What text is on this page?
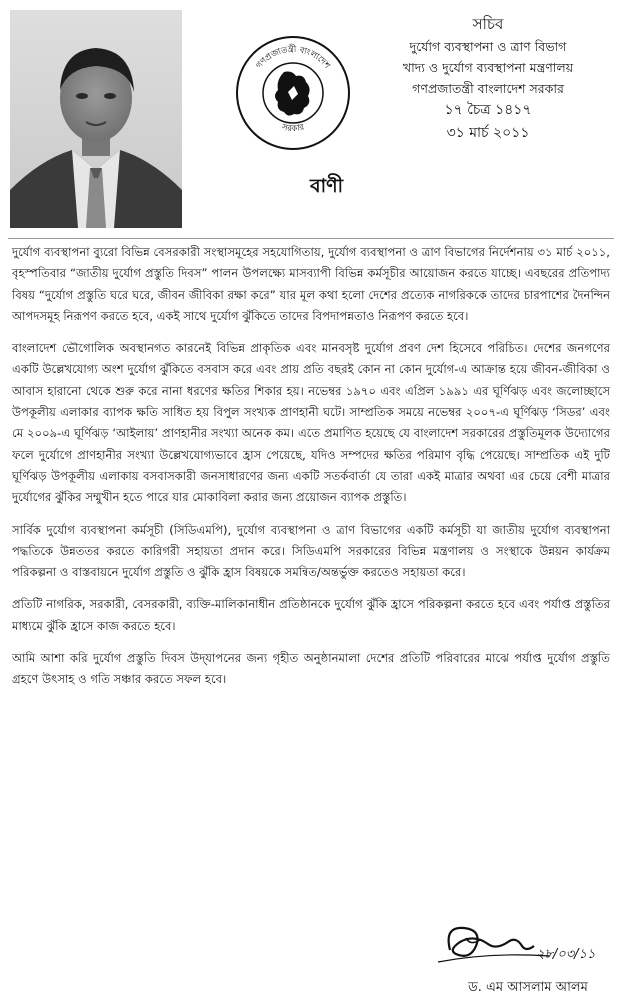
গণপ্রজাতন্ত্রী বাংলাদেশ
সরকার
সচিব
দুর্যোগ ব্যবস্থাপনা ও ত্রাণ বিভাগ
খাদ্য ও দুর্যোগ ব্যবস্থাপনা মন্ত্রণালয়
গণপ্রজাতন্ত্রী বাংলাদেশ সরকার
১৭ চৈত্র ১৪১৭
৩১ মার্চ ২০১১
বাণী

দুর্যোগ ব্যবস্থাপনা ব্যুরো বিভিন্ন বেসরকারী সংস্থাসমূহের সহযোগিতায়, দুর্যোগ ব্যবস্থাপনা ও ত্রাণ বিভাগের নির্দেশনায় ৩১ মার্চ ২০১১, বৃহস্পতিবার “জাতীয় দুর্যোগ প্রস্তুতি দিবস” পালন উপলক্ষ্যে মাসব্যাপী বিভিন্ন কর্মসূচীর আয়োজন করতে যাচ্ছে। এবছরের প্রতিপাদ্য বিষয় “দুর্যোগ প্রস্তুতি ঘরে ঘরে, জীবন জীবিকা রক্ষা করে” যার মূল কথা হলো দেশের প্রত্যেক নাগরিককে তাদের চারপাশের দৈনন্দিন আপদসমূহ নিরূপণ করতে হবে, একই সাথে দুর্যোগ ঝুঁকিতে তাদের বিপদাপন্নতাও নিরূপণ করতে হবে।

বাংলাদেশ ভৌগোলিক অবস্থানগত কারনেই বিভিন্ন প্রাকৃতিক এবং মানবসৃষ্ট দুর্যোগ প্রবণ দেশ হিসেবে পরিচিত। দেশের জনগণের একটি উল্লেখযোগ্য অংশ দুর্যোগ ঝুঁকিতে বসবাস করে এবং প্রায় প্রতি বছরই কোন না কোন দুর্যোগ-এ আক্রান্ত হয়ে জীবন-জীবিকা ও আবাস হারানো থেকে শুরু করে নানা ধরণের ক্ষতির শিকার হয়। নভেম্বর ১৯৭০ এবং এপ্রিল ১৯৯১ এর ঘূর্ণিঝড় এবং জলোচ্ছাসে উপকূলীয় এলাকার ব্যাপক ক্ষতি সাধিত হয় বিপুল সংখ্যক প্রাণহানী ঘটে। সাম্প্রতিক সময়ে নভেম্বর ২০০৭-এ ঘূর্ণিঝড় ‘সিডর’ এবং মে ২০০৯-এ ঘূর্ণিঝড় ‘আইলায়’ প্রাণহানীর সংখ্যা অনেক কম। এতে প্রমাণিত হয়েছে যে বাংলাদেশ সরকারের প্রস্তুতিমূলক উদ্যোগের ফলে দুর্যোগে প্রাণহানীর সংখ্যা উল্লেখযোগ্যভাবে হ্রাস পেয়েছে, যদিও সম্পদের ক্ষতির পরিমাণ বৃদ্ধি পেয়েছে। সাম্প্রতিক এই দুটি ঘূর্ণিঝড় উপকূলীয় এলাকায় বসবাসকারী জনসাধারণের জন্য একটি সতর্কবার্তা যে তারা একই মাত্রার অথবা এর চেয়ে বেশী মাত্রার দুর্যোগের ঝুঁকির সম্মুখীন হতে পারে যার মোকাবিলা করার জন্য প্রয়োজন ব্যাপক প্রস্তুতি।

সার্বিক দুর্যোগ ব্যবস্থাপনা কর্মসূচী (সিডিএমপি), দুর্যোগ ব্যবস্থাপনা ও ত্রাণ বিভাগের একটি কর্মসূচী যা জাতীয় দুর্যোগ ব্যবস্থাপনা পদ্ধতিকে উন্নততর করতে কারিগরী সহায়তা প্রদান করে। সিডিএমপি সরকারের বিভিন্ন মন্ত্রণালয় ও সংস্থাকে উন্নয়ন কার্যক্রম পরিকল্পনা ও বাস্তবায়নে দুর্যোগ প্রস্তুতি ও ঝুঁকি হ্রাস বিষয়কে সমন্বিত/অন্তর্ভুক্ত করতেও সহায়তা করে।

প্রতিটি নাগরিক, সরকারী, বেসরকারী, ব্যক্তি-মালিকানাধীন প্রতিষ্ঠানকে দুর্যোগ ঝুঁকি হ্রাসে পরিকল্পনা করতে হবে এবং পর্যাপ্ত প্রস্তুতির মাধ্যমে ঝুঁকি হ্রাসে কাজ করতে হবে।

আমি আশা করি দুর্যোগ প্রস্তুতি দিবস উদ্‌যাপনের জন্য গৃহীত অনুষ্ঠানমালা দেশের প্রতিটি পরিবারের মাঝে পর্যাপ্ত দুর্যোগ প্রস্তুতি গ্রহণে উৎসাহ ও গতি সঞ্চার করতে সফল হবে।

২৮/০৩/১১
ড. এম আসলাম আলম
